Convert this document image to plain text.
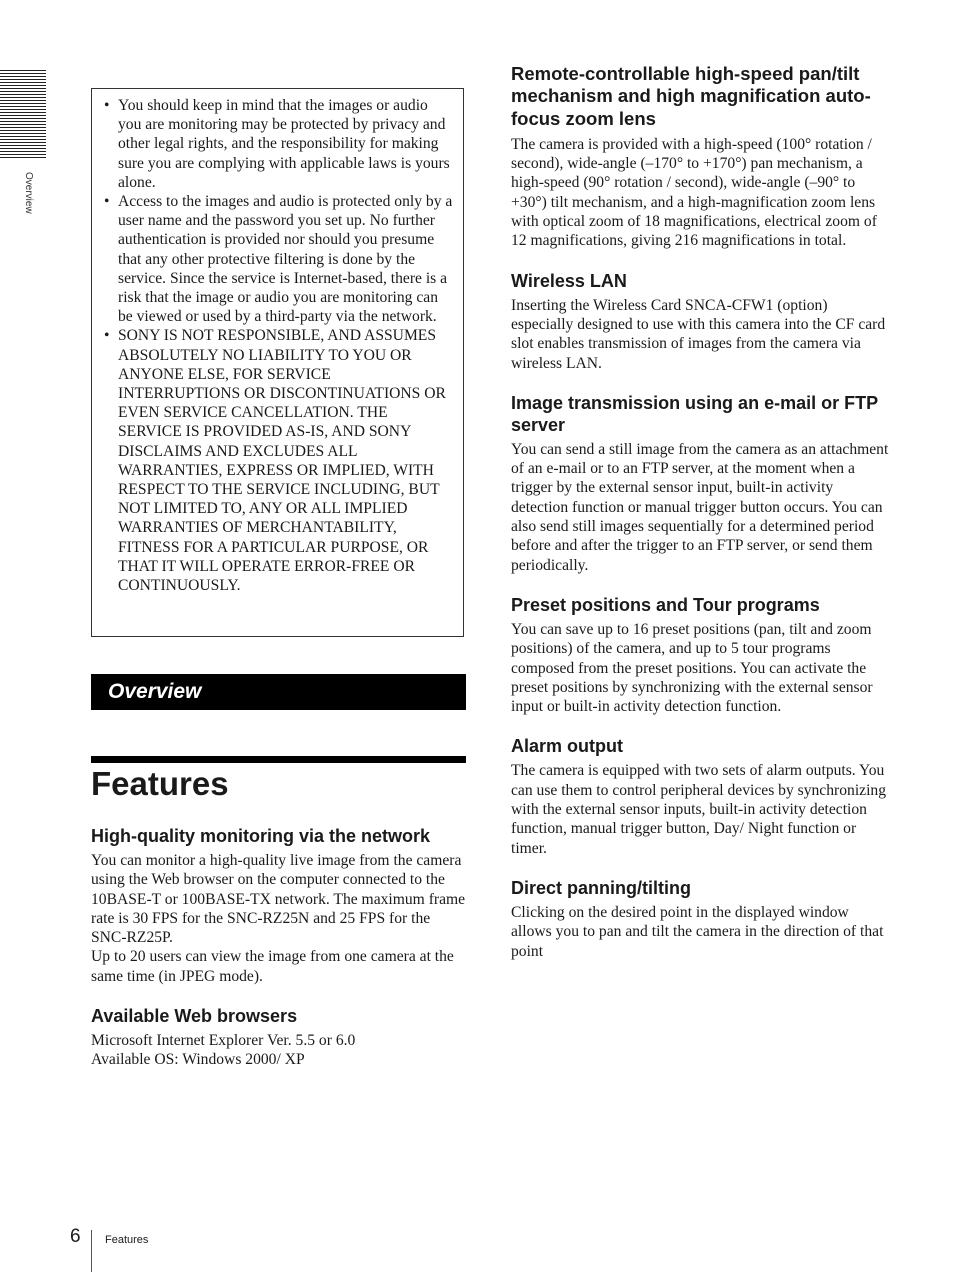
Overview
• You should keep in mind that the images or audio you are monitoring may be protected by privacy and other legal rights, and the responsibility for making sure you are complying with applicable laws is yours alone.
• Access to the images and audio is protected only by a user name and the password you set up. No further authentication is provided nor should you presume that any other protective filtering is done by the service. Since the service is Internet-based, there is a risk that the image or audio you are monitoring can be viewed or used by a third-party via the network.
• SONY IS NOT RESPONSIBLE, AND ASSUMES ABSOLUTELY NO LIABILITY TO YOU OR ANYONE ELSE, FOR SERVICE INTERRUPTIONS OR DISCONTINUATIONS OR EVEN SERVICE CANCELLATION. THE SERVICE IS PROVIDED AS-IS, AND SONY DISCLAIMS AND EXCLUDES ALL WARRANTIES, EXPRESS OR IMPLIED, WITH RESPECT TO THE SERVICE INCLUDING, BUT NOT LIMITED TO, ANY OR ALL IMPLIED WARRANTIES OF MERCHANTABILITY, FITNESS FOR A PARTICULAR PURPOSE, OR THAT IT WILL OPERATE ERROR-FREE OR CONTINUOUSLY.
Overview
Features
High-quality monitoring via the network

You can monitor a high-quality live image from the camera using the Web browser on the computer connected to the 10BASE-T or 100BASE-TX network. The maximum frame rate is 30 FPS for the SNC-RZ25N and 25 FPS for the SNC-RZ25P.
Up to 20 users can view the image from one camera at the same time (in JPEG mode).

Available Web browsers

Microsoft Internet Explorer Ver. 5.5 or 6.0
Available OS: Windows 2000/ XP

Remote-controllable high-speed pan/tilt mechanism and high magnification auto-focus zoom lens

The camera is provided with a high-speed (100° rotation / second), wide-angle (–170° to +170°) pan mechanism, a high-speed (90° rotation / second), wide-angle (–90° to +30°) tilt mechanism, and a high-magnification zoom lens with optical zoom of 18 magnifications, electrical zoom of 12 magnifications, giving 216 magnifications in total.

Wireless LAN

Inserting the Wireless Card SNCA-CFW1 (option) especially designed to use with this camera into the CF card slot enables transmission of images from the camera via wireless LAN.

Image transmission using an e-mail or FTP server

You can send a still image from the camera as an attachment of an e-mail or to an FTP server, at the moment when a trigger by the external sensor input, built-in activity detection function or manual trigger button occurs. You can also send still images sequentially for a determined period before and after the trigger to an FTP server, or send them periodically.

Preset positions and Tour programs

You can save up to 16 preset positions (pan, tilt and zoom positions) of the camera, and up to 5 tour programs composed from the preset positions. You can activate the preset positions by synchronizing with the external sensor input or built-in activity detection function.

Alarm output

The camera is equipped with two sets of alarm outputs. You can use them to control peripheral devices by synchronizing with the external sensor inputs, built-in activity detection function, manual trigger button, Day/ Night function or timer.

Direct panning/tilting

Clicking on the desired point in the displayed window allows you to pan and tilt the camera in the direction of that point

6 Features
